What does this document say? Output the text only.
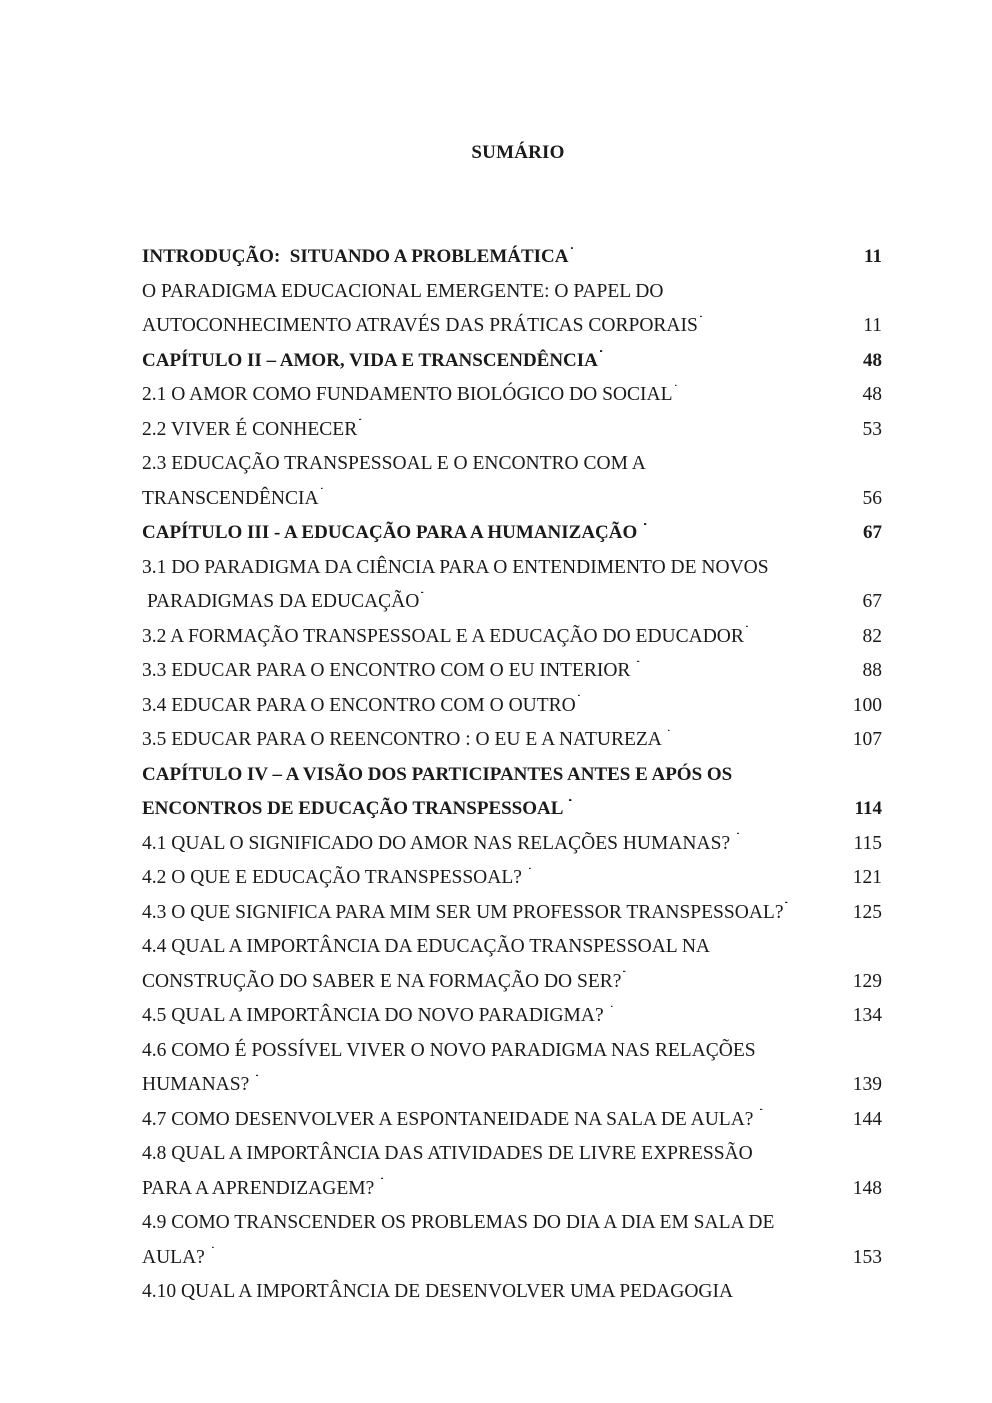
SUMÁRIO
INTRODUÇÃO:  SITUANDO A PROBLEMÁTICA . . .	11
O PARADIGMA EDUCACIONAL EMERGENTE: O PAPEL DO
AUTOCONHECIMENTO ATRAVÉS DAS PRÁTICAS CORPORAIS . . .	11
CAPÍTULO II – AMOR, VIDA E TRANSCENDÊNCIA . . .	48
2.1 O AMOR COMO FUNDAMENTO BIOLÓGICO DO SOCIAL . . .	48
2.2 VIVER É CONHECER . . .	53
2.3 EDUCAÇÃO TRANSPESSOAL E O ENCONTRO COM A
TRANSCENDÊNCIA . . .	56
CAPÍTULO III - A EDUCAÇÃO PARA A HUMANIZAÇÃO . . .	67
3.1 DO PARADIGMA DA CIÊNCIA PARA O ENTENDIMENTO DE NOVOS
PARADIGMAS DA EDUCAÇÃO . . .	67
3.2 A FORMAÇÃO TRANSPESSOAL E A EDUCAÇÃO DO EDUCADOR . . .	82
3.3 EDUCAR PARA O ENCONTRO COM O EU INTERIOR . . .	88
3.4 EDUCAR PARA O ENCONTRO COM O OUTRO . . .	100
3.5 EDUCAR PARA O REENCONTRO : O EU E A NATUREZA . . .	107
CAPÍTULO IV – A VISÃO DOS PARTICIPANTES ANTES E APÓS OS
ENCONTROS DE EDUCAÇÃO TRANSPESSOAL . . .	114
4.1 QUAL O SIGNIFICADO DO AMOR NAS RELAÇÕES HUMANAS? . . .	115
4.2 O QUE E EDUCAÇÃO TRANSPESSOAL? . . .	121
4.3 O QUE SIGNIFICA PARA MIM SER UM PROFESSOR TRANSPESSOAL? . . .	125
4.4 QUAL A IMPORTÂNCIA DA EDUCAÇÃO TRANSPESSOAL NA
CONSTRUÇÃO DO SABER E NA FORMAÇÃO DO SER? . . .	129
4.5 QUAL A IMPORTÂNCIA DO NOVO PARADIGMA? . . .	134
4.6 COMO É POSSÍVEL VIVER O NOVO PARADIGMA NAS RELAÇÕES
HUMANAS? . . .	139
4.7 COMO DESENVOLVER A ESPONTANEIDADE NA SALA DE AULA? . . .	144
4.8 QUAL A IMPORTÂNCIA DAS ATIVIDADES DE LIVRE EXPRESSÃO
PARA A APRENDIZAGEM? . . .	148
4.9 COMO TRANSCENDER OS PROBLEMAS DO DIA A DIA EM SALA DE
AULA? . . .	153
4.10 QUAL A IMPORTÂNCIA DE DESENVOLVER UMA PEDAGOGIA
